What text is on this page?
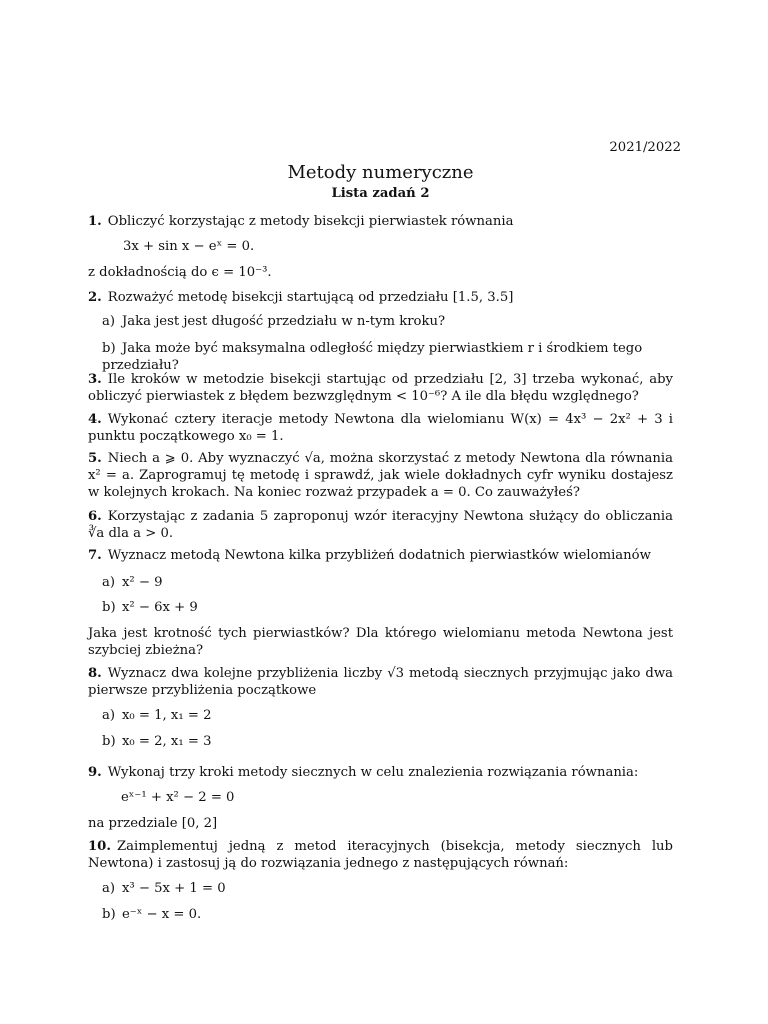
2021/2022
Metody numeryczne
Lista zadań 2
1. Obliczyć korzystając z metody bisekcji pierwiastek równania
3x + sin x − eˣ = 0.
z dokładnością do ϵ = 10⁻³.
2. Rozważyć metodę bisekcji startującą od przedziału [1.5, 3.5]
a) Jaka jest jest długość przedziału w n-tym kroku?
b) Jaka może być maksymalna odległość między pierwiastkiem r i środkiem tego przedziału?
3. Ile kroków w metodzie bisekcji startując od przedziału [2, 3] trzeba wykonać, aby obliczyć pierwiastek z błędem bezwzględnym < 10⁻⁶? A ile dla błędu względnego?
4. Wykonać cztery iteracje metody Newtona dla wielomianu W(x) = 4x³ − 2x² + 3 i punktu początkowego x₀ = 1.
5. Niech a ⩾ 0. Aby wyznaczyć √a, można skorzystać z metody Newtona dla równania x² = a. Zaprogramuj tę metodę i sprawdź, jak wiele dokładnych cyfr wyniku dostajesz w kolejnych krokach. Na koniec rozważ przypadek a = 0. Co zauważyłeś?
6. Korzystając z zadania 5 zaproponuj wzór iteracyjny Newtona służący do obliczania ∛a dla a > 0.
7. Wyznacz metodą Newtona kilka przybliżeń dodatnich pierwiastków wielomianów
a) x² − 9
b) x² − 6x + 9
Jaka jest krotność tych pierwiastków? Dla którego wielomianu metoda Newtona jest szybciej zbieżna?
8. Wyznacz dwa kolejne przybliżenia liczby √3 metodą siecznych przyjmując jako dwa pierwsze przybliżenia początkowe
a) x₀ = 1, x₁ = 2
b) x₀ = 2, x₁ = 3
9. Wykonaj trzy kroki metody siecznych w celu znalezienia rozwiązania równania:
eˣ⁻¹ + x² − 2 = 0
na przedziale [0, 2]
10. Zaimplementuj jedną z metod iteracyjnych (bisekcja, metody siecznych lub Newtona) i zastosuj ją do rozwiązania jednego z następujących równań:
a) x³ − 5x + 1 = 0
b) e⁻ˣ − x = 0.
